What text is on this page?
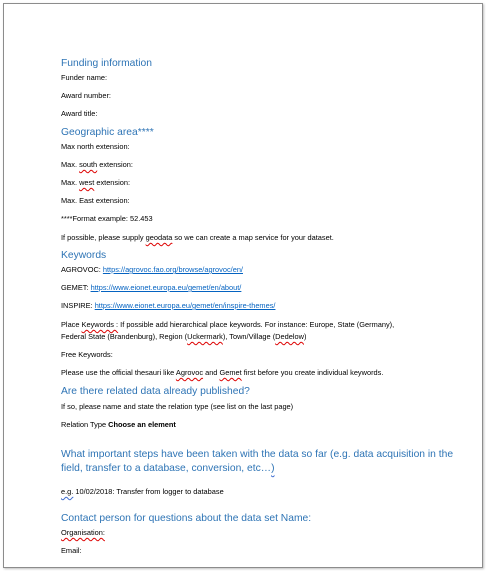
Funding information
Funder name:
Award number:
Award title:
Geographic area****
Max north extension:
Max. south extension:
Max. west extension:
Max. East extension:
****Format example: 52.453
If possible, please supply geodata so we can create a map service for your dataset.
Keywords
AGROVOC: https://agrovoc.fao.org/browse/agrovoc/en/
GEMET: https://www.eionet.europa.eu/gemet/en/about/
INSPIRE: https://www.eionet.europa.eu/gemet/en/inspire-themes/
Place Keywords : If possible add hierarchical place keywords. For instance: Europe, State (Germany),
Federal State (Brandenburg), Region (Uckermark), Town/Village (Dedelow)
Free Keywords:
Please use the official thesauri like Agrovoc and Gemet first before you create individual keywords.
Are there related data already published?
If so, please name and state the relation type (see list on the last page)
Relation Type Choose an element
What important steps have been taken with the data so far (e.g. data acquisition in the
field, transfer to a database, conversion, etc…)
e.g. 10/02/2018: Transfer from logger to database
Contact person for questions about the data set Name:
Organisation:
Email:
